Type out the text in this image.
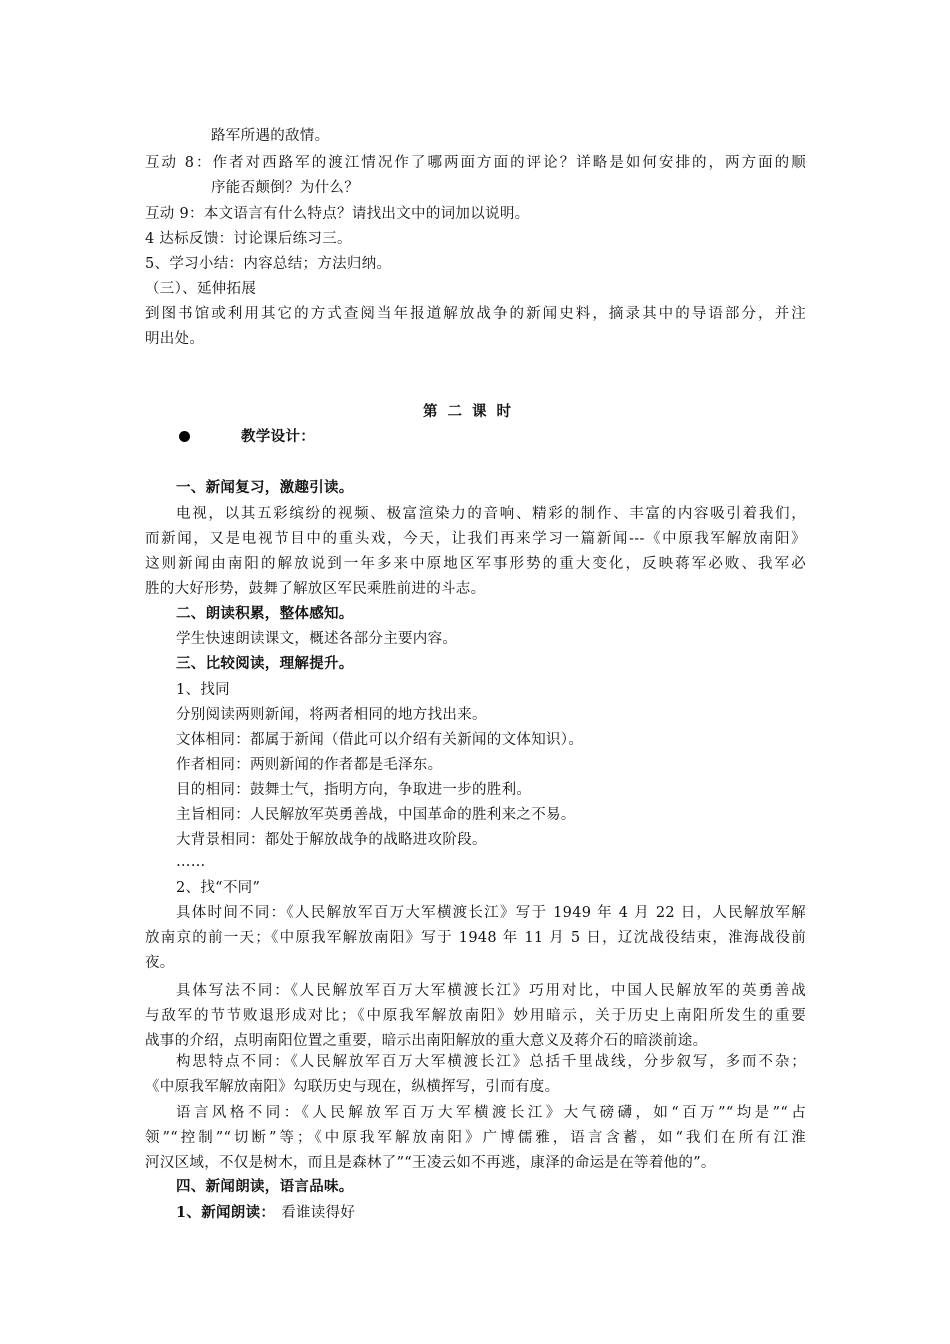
路军所遇的敌情。
互动 8：作者对西路军的渡江情况作了哪两面方面的评论？详略是如何安排的，两方面的顺
序能否颠倒？为什么？
互动 9：本文语言有什么特点？请找出文中的词加以说明。
4 达标反馈：讨论课后练习三。
5、学习小结：内容总结；方法归纳。
（三）、延伸拓展
到图书馆或利用其它的方式查阅当年报道解放战争的新闻史料，摘录其中的导语部分，并注
明出处。
第二课时
教学设计：
一、新闻复习，激趣引读。
电视，以其五彩缤纷的视频、极富渲染力的音响、精彩的制作、丰富的内容吸引着我们，
而新闻，又是电视节目中的重头戏，今天，让我们再来学习一篇新闻---《中原我军解放南阳》
这则新闻由南阳的解放说到一年多来中原地区军事形势的重大变化，反映蒋军必败、我军必
胜的大好形势，鼓舞了解放区军民乘胜前进的斗志。
二、朗读积累，整体感知。
学生快速朗读课文，概述各部分主要内容。
三、比较阅读，理解提升。
1、找同
分别阅读两则新闻，将两者相同的地方找出来。
文体相同：都属于新闻（借此可以介绍有关新闻的文体知识）。
作者相同：两则新闻的作者都是毛泽东。
目的相同：鼓舞士气，指明方向，争取进一步的胜利。
主旨相同：人民解放军英勇善战，中国革命的胜利来之不易。
大背景相同：都处于解放战争的战略进攻阶段。
……
2、找“不同”
具体时间不同：《人民解放军百万大军横渡长江》写于 1949 年 4 月 22 日，人民解放军解
放南京的前一天；《中原我军解放南阳》写于 1948 年 11 月 5 日，辽沈战役结束，淮海战役前
夜。
具体写法不同：《人民解放军百万大军横渡长江》巧用对比，中国人民解放军的英勇善战
与敌军的节节败退形成对比；《中原我军解放南阳》妙用暗示，关于历史上南阳所发生的重要
战事的介绍，点明南阳位置之重要，暗示出南阳解放的重大意义及蒋介石的暗淡前途。
构思特点不同：《人民解放军百万大军横渡长江》总括千里战线，分步叙写，多而不杂；
《中原我军解放南阳》勾联历史与现在，纵横挥写，引而有度。
语言风格不同：《人民解放军百万大军横渡长江》大气磅礴，如“百万”“均是”“占
领”“控制”“切断”等；《中原我军解放南阳》广博儒雅，语言含蓄，如“我们在所有江淮
河汉区域，不仅是树木，而且是森林了”“王凌云如不再逃，康泽的命运是在等着他的”。
四、新闻朗读，语言品味。
1、新闻朗读： 看谁读得好
